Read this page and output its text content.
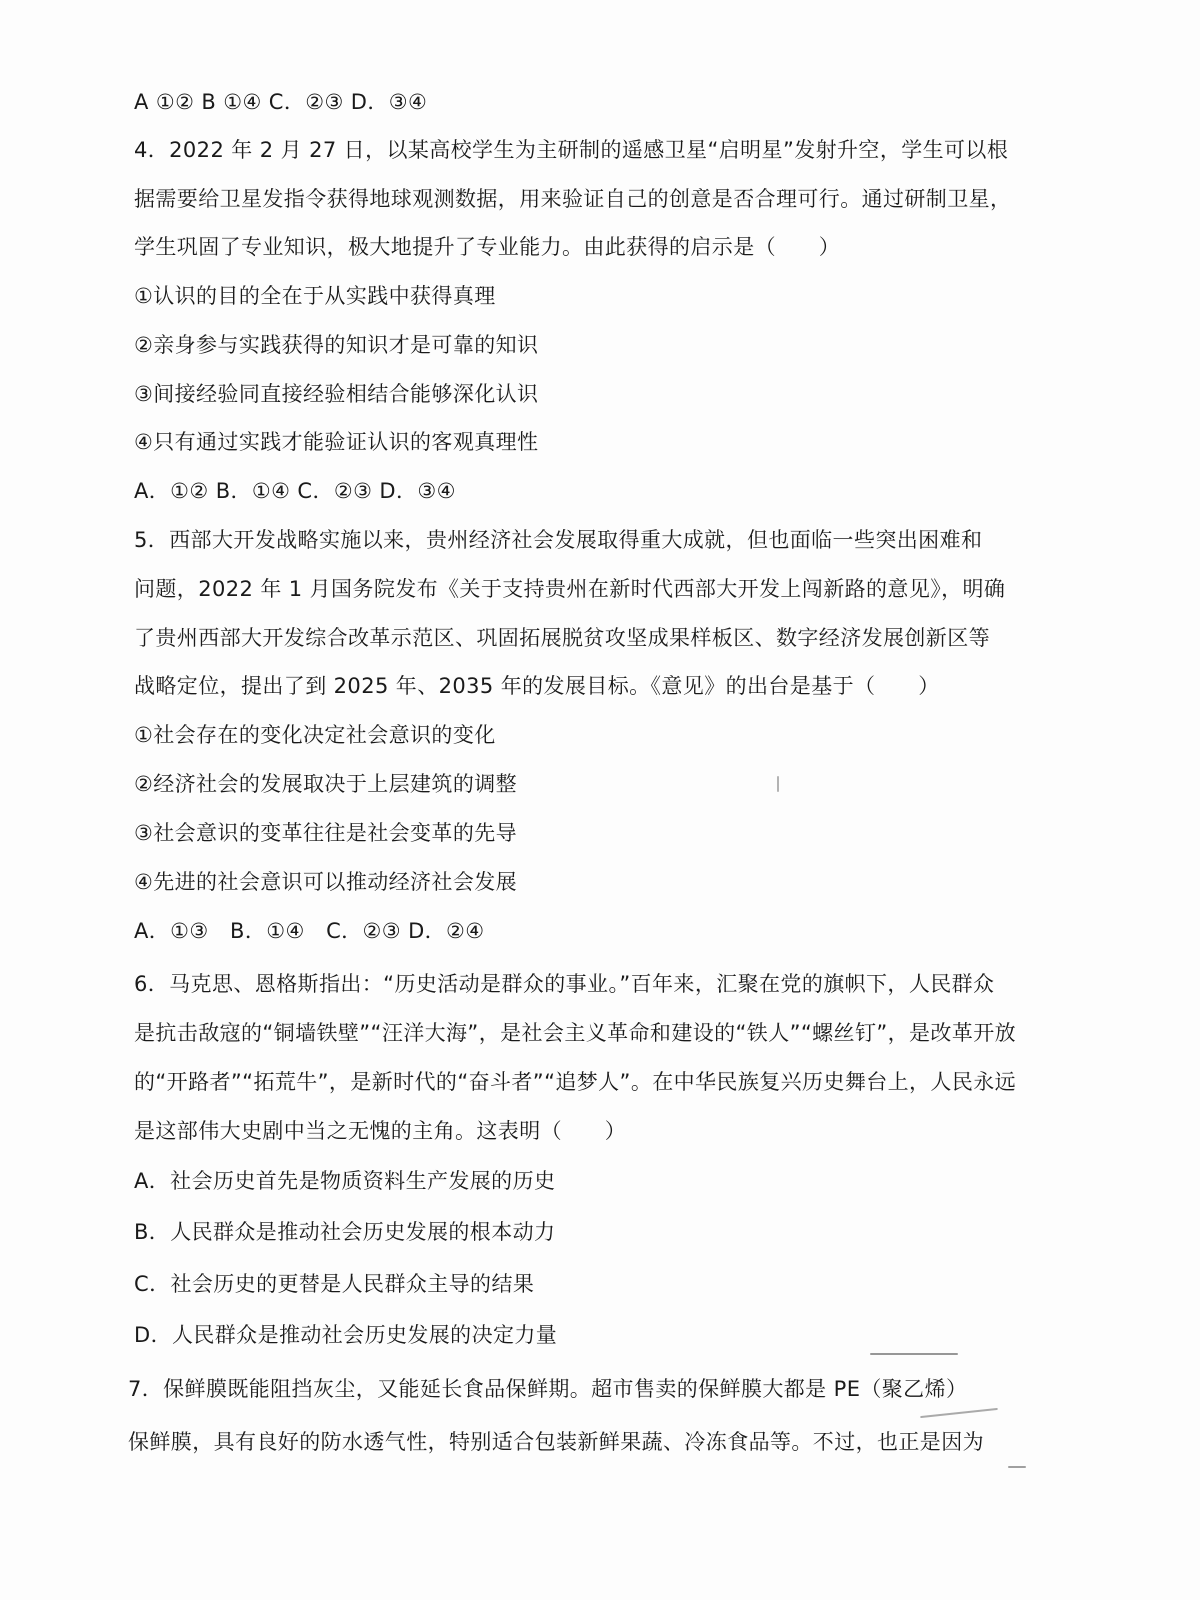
A ①② B ①④ C．②③ D．③④
4．2022 年 2 月 27 日，以某高校学生为主研制的遥感卫星“启明星”发射升空，学生可以根
据需要给卫星发指令获得地球观测数据，用来验证自己的创意是否合理可行。通过研制卫星，
学生巩固了专业知识，极大地提升了专业能力。由此获得的启示是（　　）
①认识的目的全在于从实践中获得真理
②亲身参与实践获得的知识才是可靠的知识
③间接经验同直接经验相结合能够深化认识
④只有通过实践才能验证认识的客观真理性
A．①② B．①④ C．②③ D．③④
5．西部大开发战略实施以来，贵州经济社会发展取得重大成就，但也面临一些突出困难和
问题，2022 年 1 月国务院发布《关于支持贵州在新时代西部大开发上闯新路的意见》，明确
了贵州西部大开发综合改革示范区、巩固拓展脱贫攻坚成果样板区、数字经济发展创新区等
战略定位，提出了到 2025 年、2035 年的发展目标。《意见》的出台是基于（　　）
①社会存在的变化决定社会意识的变化
②经济社会的发展取决于上层建筑的调整
③社会意识的变革往往是社会变革的先导
④先进的社会意识可以推动经济社会发展
A．①③　B．①④　C．②③ D．②④
6．马克思、恩格斯指出：“历史活动是群众的事业。”百年来，汇聚在党的旗帜下，人民群众
是抗击敌寇的“铜墙铁壁”“汪洋大海”，是社会主义革命和建设的“铁人”“螺丝钉”，是改革开放
的“开路者”“拓荒牛”，是新时代的“奋斗者”“追梦人”。在中华民族复兴历史舞台上，人民永远
是这部伟大史剧中当之无愧的主角。这表明（　　）
A．社会历史首先是物质资料生产发展的历史
B．人民群众是推动社会历史发展的根本动力
C．社会历史的更替是人民群众主导的结果
D．人民群众是推动社会历史发展的决定力量
7．保鲜膜既能阻挡灰尘，又能延长食品保鲜期。超市售卖的保鲜膜大都是 PE（聚乙烯）
保鲜膜，具有良好的防水透气性，特别适合包装新鲜果蔬、冷冻食品等。不过，也正是因为
